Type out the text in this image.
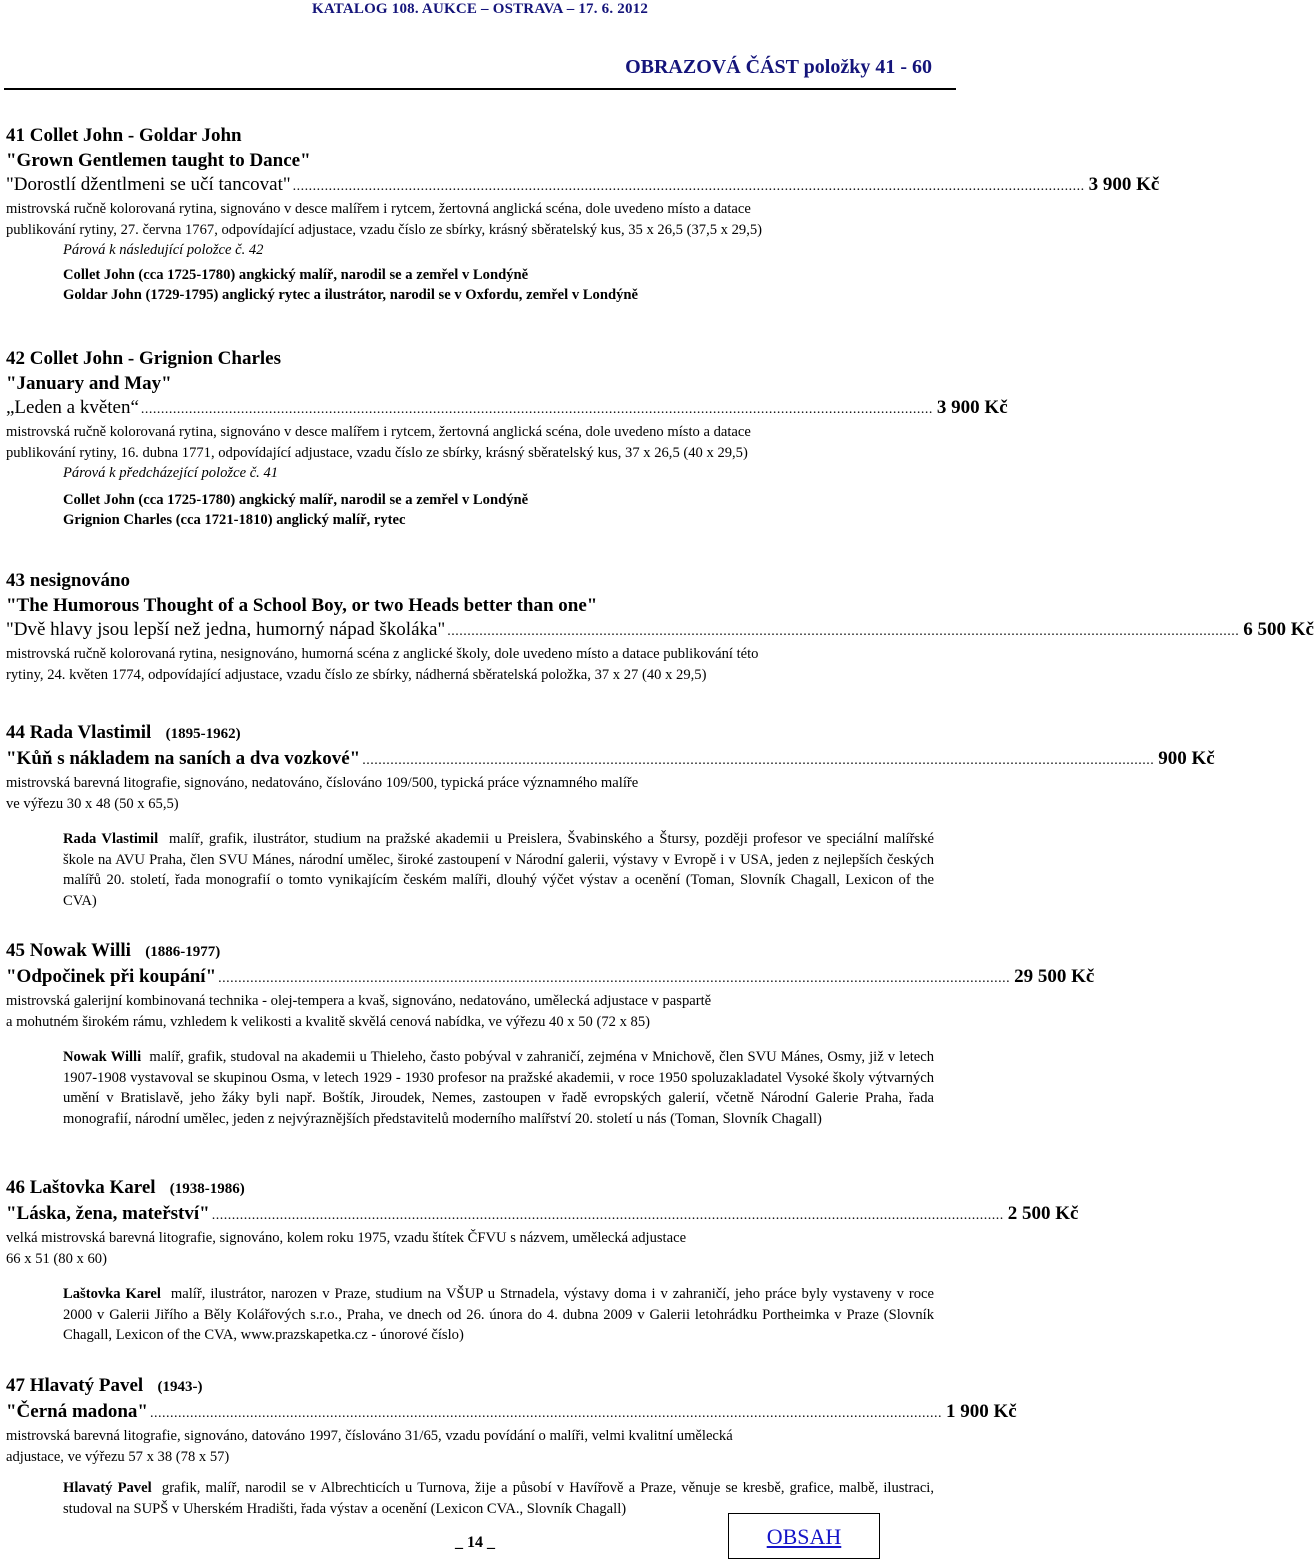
KATALOG 108. AUKCE – OSTRAVA – 17. 6. 2012
OBRAZOVÁ ČÁST položky 41 - 60
41 Collet John - Goldar John
"Grown Gentlemen taught to Dance"
"Dorostlí džentlmeni se učí tancovat" ...................................................................................................................................................................................................... 3 900 Kč
mistrovská ručně kolorovaná rytina, signováno v desce malířem i rytcem, žertovná anglická scéna, dole uvedeno místo a datace
publikování rytiny, 27. června 1767, odpovídající adjustace, vzadu číslo ze sbírky, krásný sběratelský kus, 35 x 26,5 (37,5 x 29,5)
Párová k následující položce č. 42
Collet John (cca 1725-1780) angkický malíř, narodil se a zemřel v Londýně
Goldar John (1729-1795) anglický rytec a ilustrátor, narodil se v Oxfordu, zemřel v Londýně
42 Collet John - Grignion Charles
"January and May"
„Leden a květen“ ...................................................................................................................................................................................................... 3 900 Kč
mistrovská ručně kolorovaná rytina, signováno v desce malířem i rytcem, žertovná anglická scéna, dole uvedeno místo a datace
publikování rytiny, 16. dubna 1771, odpovídající adjustace, vzadu číslo ze sbírky, krásný sběratelský kus, 37 x 26,5 (40 x 29,5)
Párová k předcházející položce č. 41
Collet John (cca 1725-1780) angkický malíř, narodil se a zemřel v Londýně
Grignion Charles (cca 1721-1810) anglický malíř, rytec
43 nesignováno
"The Humorous Thought of a School Boy, or two Heads better than one"
"Dvě hlavy jsou lepší než jedna, humorný nápad školáka" ...................................................................................................................................................................................................... 6 500 Kč
mistrovská ručně kolorovaná rytina, nesignováno, humorná scéna z anglické školy, dole uvedeno místo a datace publikování této
rytiny, 24. květen 1774, odpovídající adjustace, vzadu číslo ze sbírky, nádherná sběratelská položka, 37 x 27 (40 x 29,5)
44 Rada Vlastimil (1895-1962)
"Kůň s nákladem na saních a dva vozkové" ...................................................................................................................................................................................................... 900 Kč
mistrovská barevná litografie, signováno, nedatováno, číslováno 109/500, typická práce významného malíře
ve výřezu 30 x 48 (50 x 65,5)
Rada Vlastimil malíř, grafik, ilustrátor, studium na pražské akademii u Preislera, Švabinského a Štursy, později profesor ve speciální malířské škole na AVU Praha, člen SVU Mánes, národní umělec, široké zastoupení v Národní galerii, výstavy v Evropě i v USA, jeden z nejlepších českých malířů 20. století, řada monografií o tomto vynikajícím českém malíři, dlouhý výčet výstav a ocenění (Toman, Slovník Chagall, Lexicon of the CVA)
45 Nowak Willi (1886-1977)
"Odpočinek při koupání" ...................................................................................................................................................................................................... 29 500 Kč
mistrovská galerijní kombinovaná technika - olej-tempera a kvaš, signováno, nedatováno, umělecká adjustace v paspartě
a mohutném širokém rámu, vzhledem k velikosti a kvalitě skvělá cenová nabídka, ve výřezu 40 x 50 (72 x 85)
Nowak Willi malíř, grafik, studoval na akademii u Thieleho, často pobýval v zahraničí, zejména v Mnichově, člen SVU Mánes, Osmy, již v letech 1907-1908 vystavoval se skupinou Osma, v letech 1929 - 1930 profesor na pražské akademii, v roce 1950 spoluzakladatel Vysoké školy výtvarných umění v Bratislavě, jeho žáky byli např. Boštík, Jiroudek, Nemes, zastoupen v řadě evropských galerií, včetně Národní Galerie Praha, řada monografií, národní umělec, jeden z nejvýraznějších představitelů moderního malířství 20. století u nás (Toman, Slovník Chagall)
46 Laštovka Karel (1938-1986)
"Láska, žena, mateřství" ...................................................................................................................................................................................................... 2 500 Kč
velká mistrovská barevná litografie, signováno, kolem roku 1975, vzadu štítek ČFVU s názvem, umělecká adjustace
66 x 51 (80 x 60)
Laštovka Karel malíř, ilustrátor, narozen v Praze, studium na VŠUP u Strnadela, výstavy doma i v zahraničí, jeho práce byly vystaveny v roce 2000 v Galerii Jiřího a Běly Kolářových s.r.o., Praha, ve dnech od 26. února do 4. dubna 2009 v Galerii letohrádku Portheimka v Praze (Slovník Chagall, Lexicon of the CVA, www.prazskapetka.cz - únorové číslo)
47 Hlavatý Pavel (1943-)
"Černá madona" ...................................................................................................................................................................................................... 1 900 Kč
mistrovská barevná litografie, signováno, datováno 1997, číslováno 31/65, vzadu povídání o malíři, velmi kvalitní umělecká
adjustace, ve výřezu 57 x 38 (78 x 57)
Hlavatý Pavel grafik, malíř, narodil se v Albrechticích u Turnova, žije a působí v Havířově a Praze, věnuje se kresbě, grafice, malbě, ilustraci, studoval na SUPŠ v Uherském Hradišti, řada výstav a ocenění (Lexicon CVA., Slovník Chagall)
_ 14 _	OBSAH
